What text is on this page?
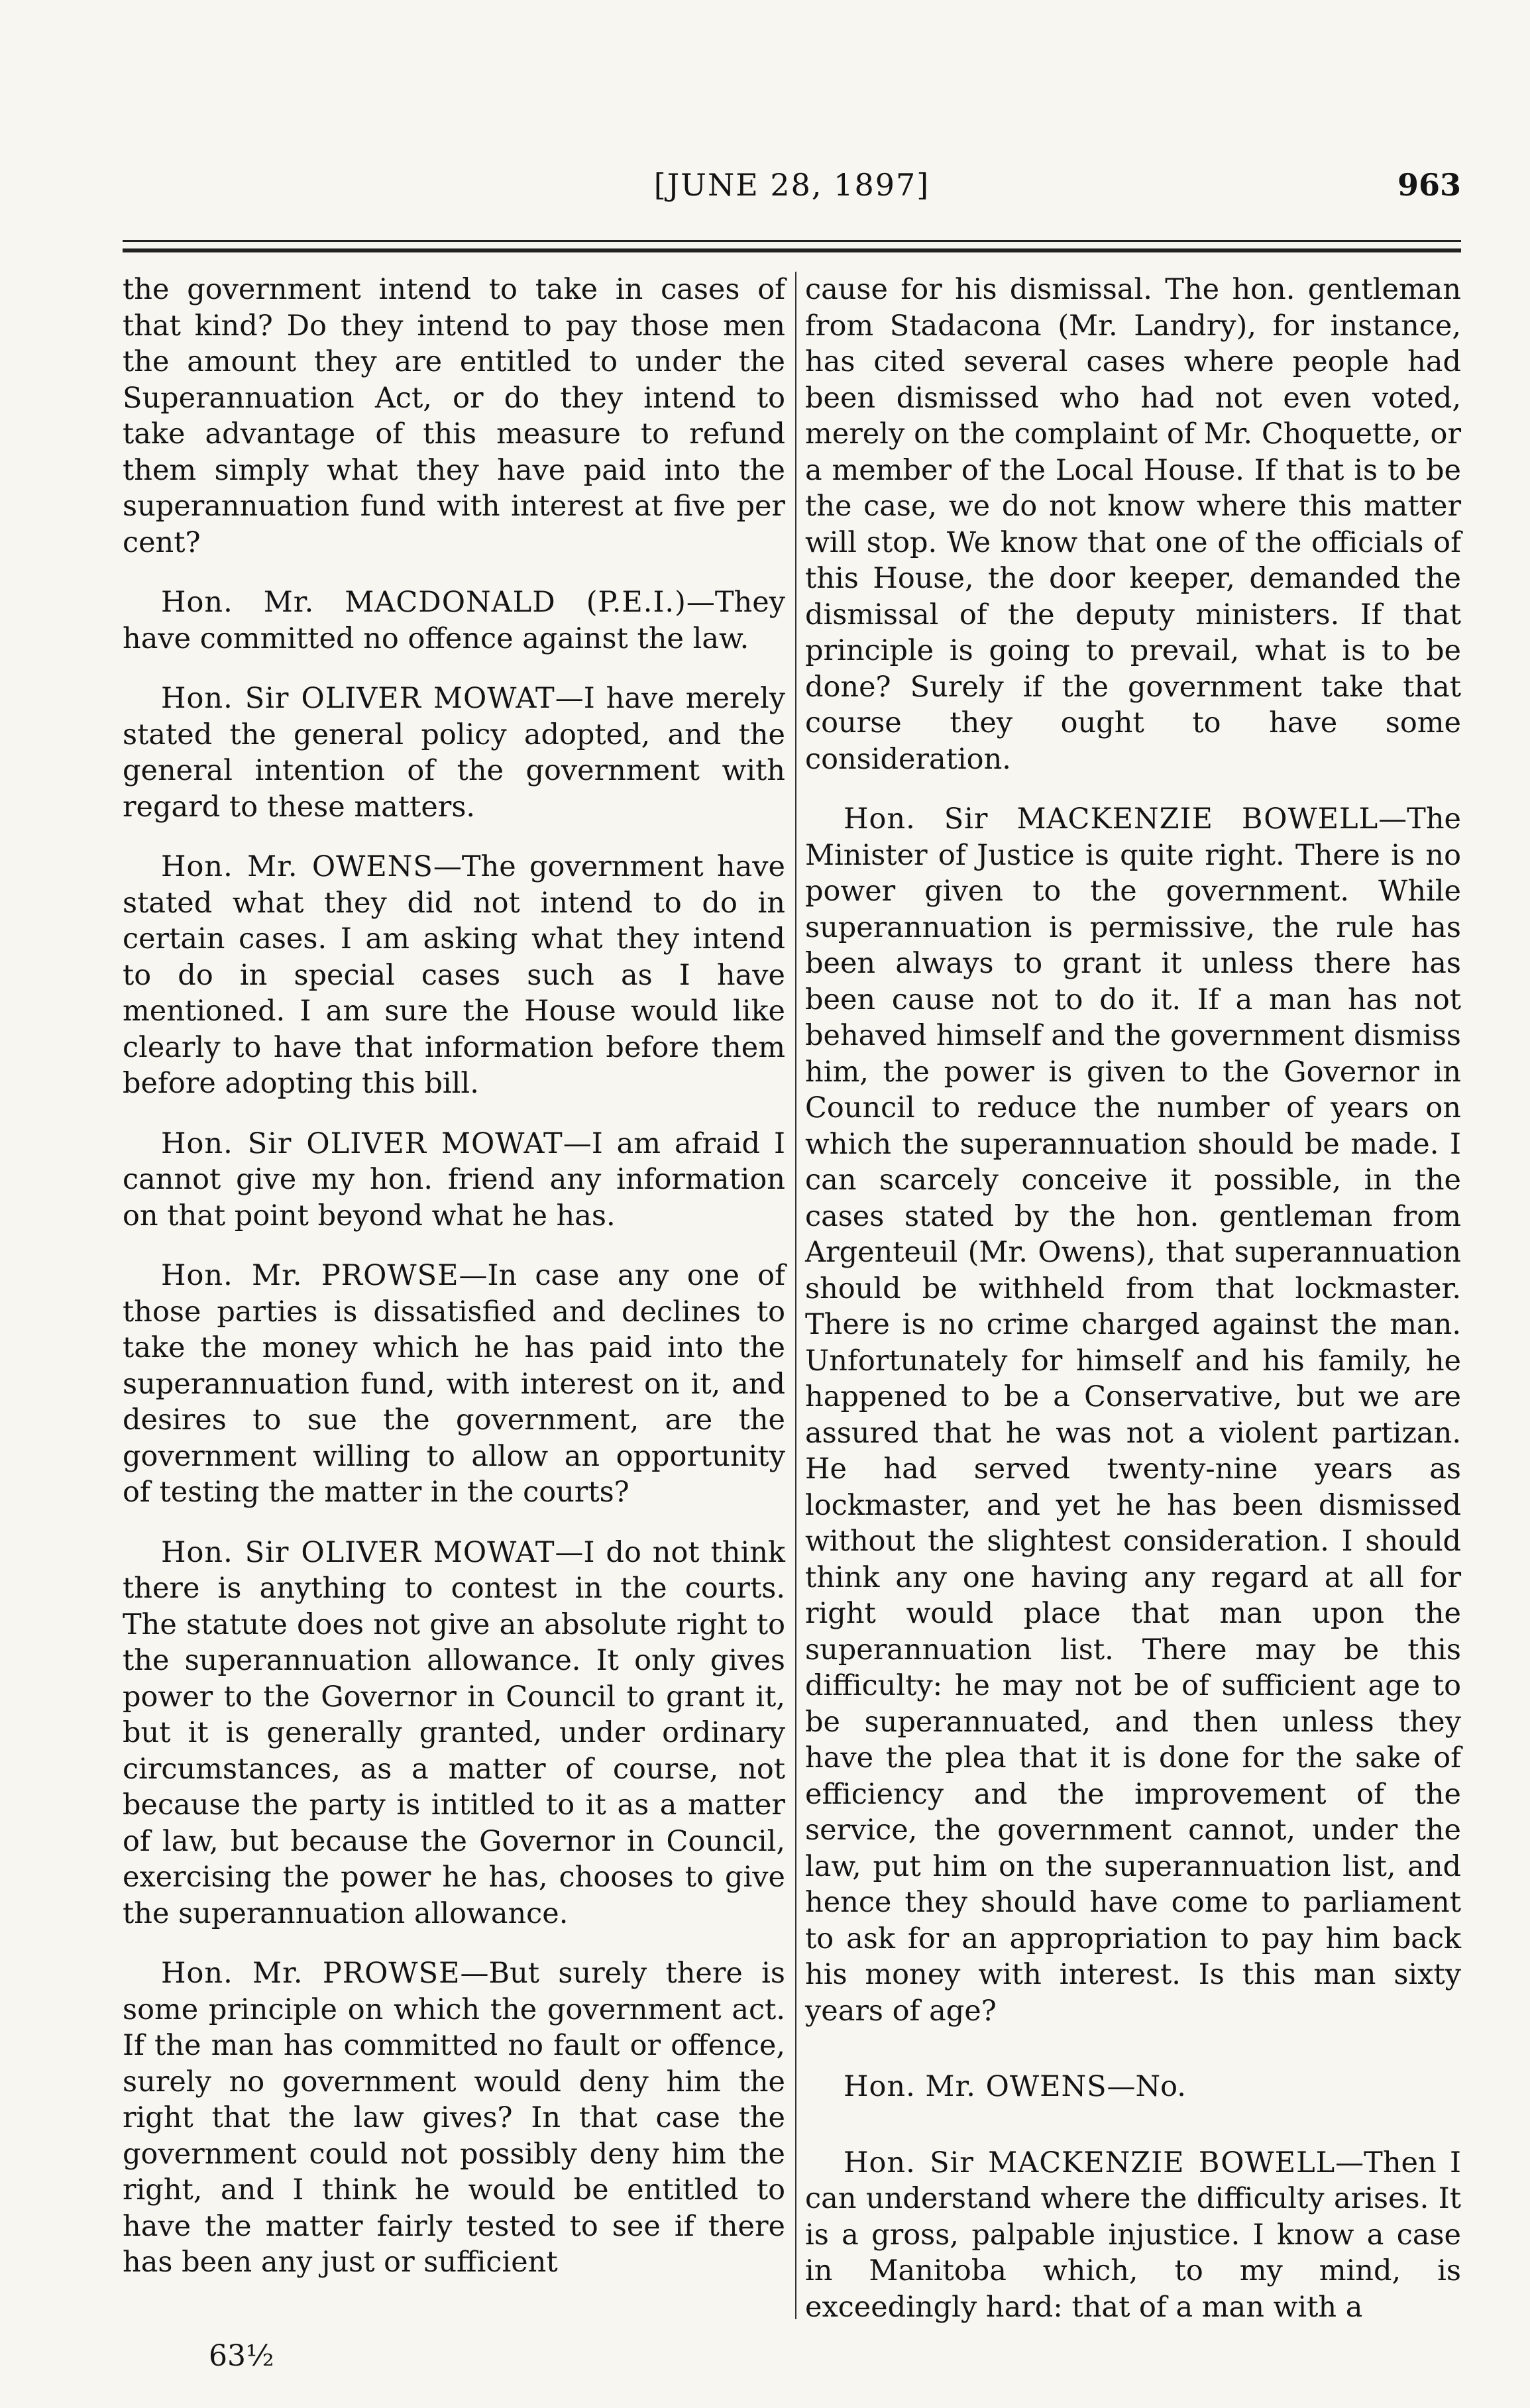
[JUNE 28, 1897]	963

the government intend to take in cases of that kind? Do they intend to pay those men the amount they are entitled to under the Superannuation Act, or do they intend to take advantage of this measure to refund them simply what they have paid into the superannuation fund with interest at five per cent?

Hon. Mr. MACDONALD (P.E.I.)—They have committed no offence against the law.

Hon. Sir OLIVER MOWAT—I have merely stated the general policy adopted, and the general intention of the government with regard to these matters.

Hon. Mr. OWENS—The government have stated what they did not intend to do in certain cases. I am asking what they intend to do in special cases such as I have mentioned. I am sure the House would like clearly to have that information before them before adopting this bill.

Hon. Sir OLIVER MOWAT—I am afraid I cannot give my hon. friend any information on that point beyond what he has.

Hon. Mr. PROWSE—In case any one of those parties is dissatisfied and declines to take the money which he has paid into the superannuation fund, with interest on it, and desires to sue the government, are the government willing to allow an opportunity of testing the matter in the courts?

Hon. Sir OLIVER MOWAT—I do not think there is anything to contest in the courts. The statute does not give an absolute right to the superannuation allowance. It only gives power to the Governor in Council to grant it, but it is generally granted, under ordinary circumstances, as a matter of course, not because the party is intitled to it as a matter of law, but because the Governor in Council, exercising the power he has, chooses to give the superannuation allowance.

Hon. Mr. PROWSE—But surely there is some principle on which the government act. If the man has committed no fault or offence, surely no government would deny him the right that the law gives? In that case the government could not possibly deny him the right, and I think he would be entitled to have the matter fairly tested to see if there has been any just or sufficient

cause for his dismissal. The hon. gentleman from Stadacona (Mr. Landry), for instance, has cited several cases where people had been dismissed who had not even voted, merely on the complaint of Mr. Choquette, or a member of the Local House. If that is to be the case, we do not know where this matter will stop. We know that one of the officials of this House, the door keeper, demanded the dismissal of the deputy ministers. If that principle is going to prevail, what is to be done? Surely if the government take that course they ought to have some consideration.

Hon. Sir MACKENZIE BOWELL—The Minister of Justice is quite right. There is no power given to the government. While superannuation is permissive, the rule has been always to grant it unless there has been cause not to do it. If a man has not behaved himself and the government dismiss him, the power is given to the Governor in Council to reduce the number of years on which the superannuation should be made. I can scarcely conceive it possible, in the cases stated by the hon. gentleman from Argenteuil (Mr. Owens), that superannuation should be withheld from that lockmaster. There is no crime charged against the man. Unfortunately for himself and his family, he happened to be a Conservative, but we are assured that he was not a violent partizan. He had served twenty-nine years as lockmaster, and yet he has been dismissed without the slightest consideration. I should think any one having any regard at all for right would place that man upon the superannuation list. There may be this difficulty: he may not be of sufficient age to be superannuated, and then unless they have the plea that it is done for the sake of efficiency and the improvement of the service, the government cannot, under the law, put him on the superannuation list, and hence they should have come to parliament to ask for an appropriation to pay him back his money with interest. Is this man sixty years of age?

Hon. Mr. OWENS—No.

Hon. Sir MACKENZIE BOWELL—Then I can understand where the difficulty arises. It is a gross, palpable injustice. I know a case in Manitoba which, to my mind, is exceedingly hard: that of a man with a

63½
